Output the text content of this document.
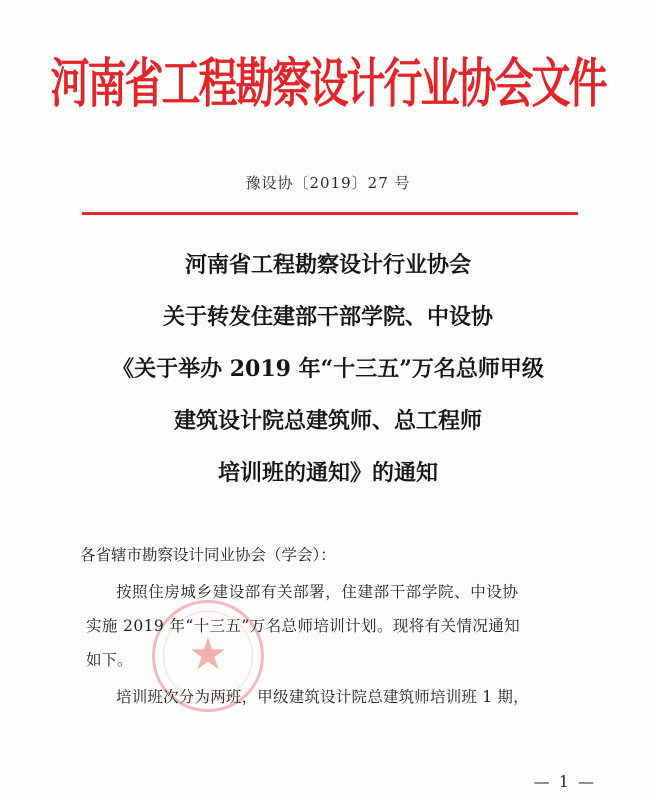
河南省工程勘察设计行业协会文件
豫设协〔2019〕27 号
河南省工程勘察设计行业协会
关于转发住建部干部学院、中设协
《关于举办 2019 年“十三五”万名总师甲级
建筑设计院总建筑师、总工程师
培训班的通知》的通知
各省辖市勘察设计同业协会（学会）：
★
按照住房城乡建设部有关部署，住建部干部学院、中设协
实施 2019 年“十三五”万名总师培训计划。现将有关情况通知
如下。
培训班次分为两班，甲级建筑设计院总建筑师培训班 1 期，
— 1 —
